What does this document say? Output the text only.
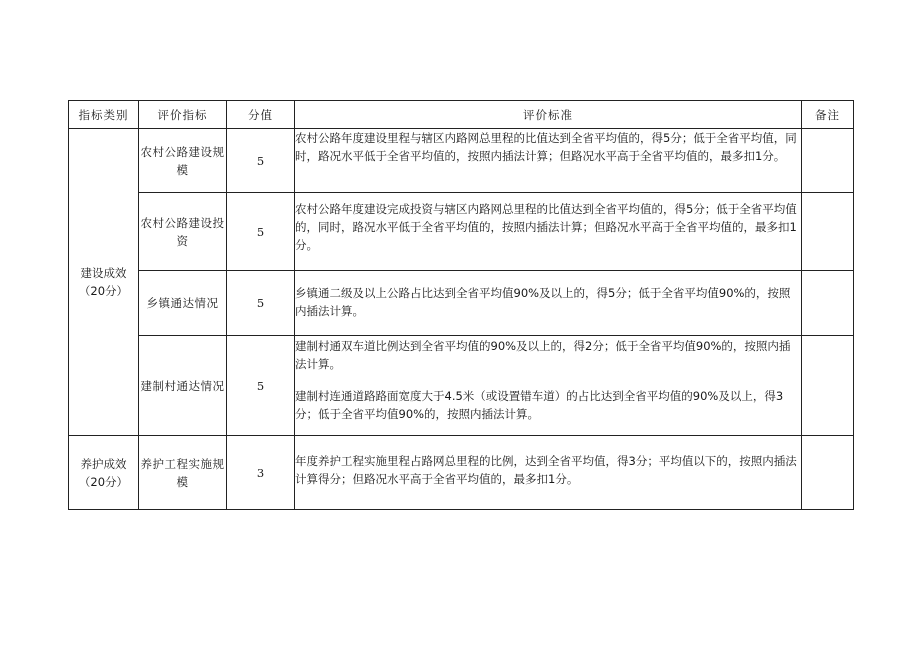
指标类别	评价指标	分值	评价标准	备注
建设成效（20分）	农村公路建设规模	5	农村公路年度建设里程与辖区内路网总里程的比值达到全省平均值的，得5分；低于全省平均值，同时，路况水平低于全省平均值的，按照内插法计算；但路况水平高于全省平均值的，最多扣1分。	
	农村公路建设投资	5	农村公路年度建设完成投资与辖区内路网总里程的比值达到全省平均值的，得5分；低于全省平均值的，同时，路况水平低于全省平均值的，按照内插法计算；但路况水平高于全省平均值的，最多扣1分。	
	乡镇通达情况	5	乡镇通二级及以上公路占比达到全省平均值90%及以上的，得5分；低于全省平均值90%的，按照内插法计算。	
	建制村通达情况	5	建制村通双车道比例达到全省平均值的90%及以上的，得2分；低于全省平均值90%的，按照内插法计算。
建制村连通道路路面宽度大于4.5米（或设置错车道）的占比达到全省平均值的90%及以上，得3分；低于全省平均值90%的，按照内插法计算。	

养护成效（20分）	养护工程实施规模	3	年度养护工程实施里程占路网总里程的比例，达到全省平均值，得3分；平均值以下的，按照内插法计算得分；但路况水平高于全省平均值的，最多扣1分。	
